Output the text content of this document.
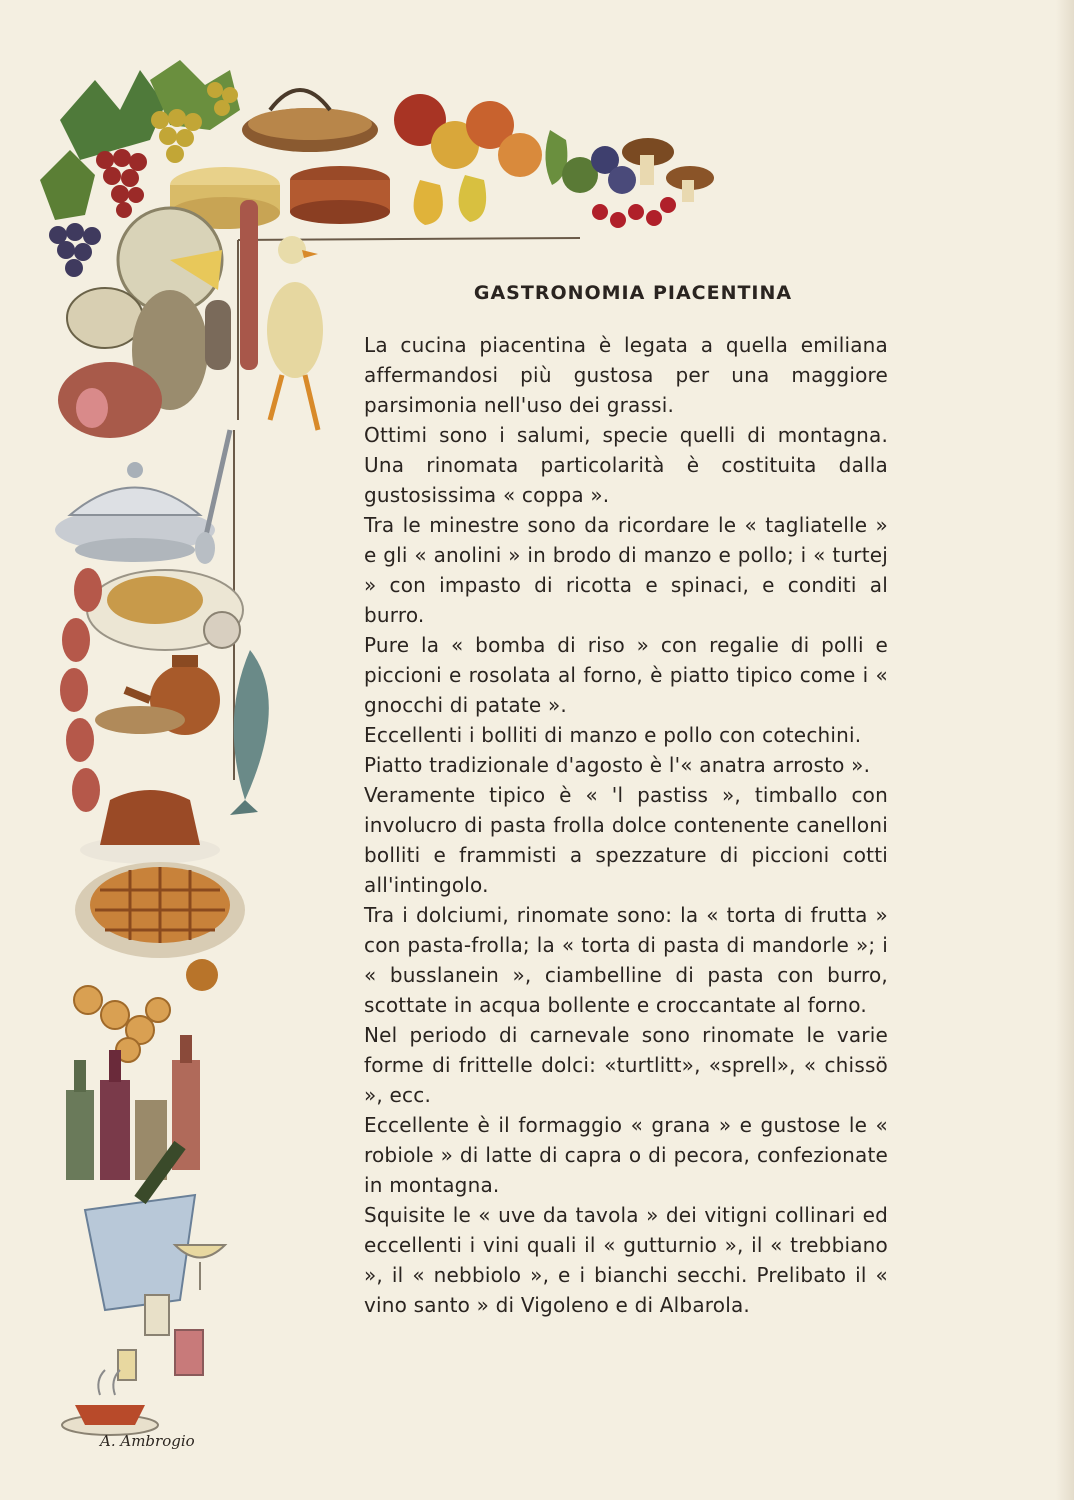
GASTRONOMIA PIACENTINA

La cucina piacentina è legata a quella emiliana affermandosi più gustosa per una maggiore parsimonia nell'uso dei grassi.

Ottimi sono i salumi, specie quelli di montagna. Una rinomata particolarità è costituita dalla gustosissima « coppa ».

Tra le minestre sono da ricordare le « tagliatelle » e gli « anolini » in brodo di manzo e pollo; i « turtej » con impasto di ricotta e spinaci, e conditi al burro.

Pure la « bomba di riso » con regalie di polli e piccioni e rosolata al forno, è piatto tipico come i « gnocchi di patate ».

Eccellenti i bolliti di manzo e pollo con cotechini.

Piatto tradizionale d'agosto è l'« anatra arrosto ».

Veramente tipico è « 'l pastiss », timballo con involucro di pasta frolla dolce contenente canelloni bolliti e frammisti a spezzature di piccioni cotti all'intingolo.

Tra i dolciumi, rinomate sono: la « torta di frutta » con pasta-frolla; la « torta di pasta di mandorle »; i « busslanein », ciambelline di pasta con burro, scottate in acqua bollente e croccantate al forno.

Nel periodo di carnevale sono rinomate le varie forme di frittelle dolci: «turtlitt», «sprell», « chissö », ecc.

Eccellente è il formaggio « grana » e gustose le « robiole » di latte di capra o di pecora, confezionate in montagna.

Squisite le « uve da tavola » dei vitigni collinari ed eccellenti i vini quali il « gutturnio », il « trebbiano », il « nebbiolo », e i bianchi secchi. Prelibato il « vino santo » di Vigoleno e di Albarola.

A. Ambrogio
